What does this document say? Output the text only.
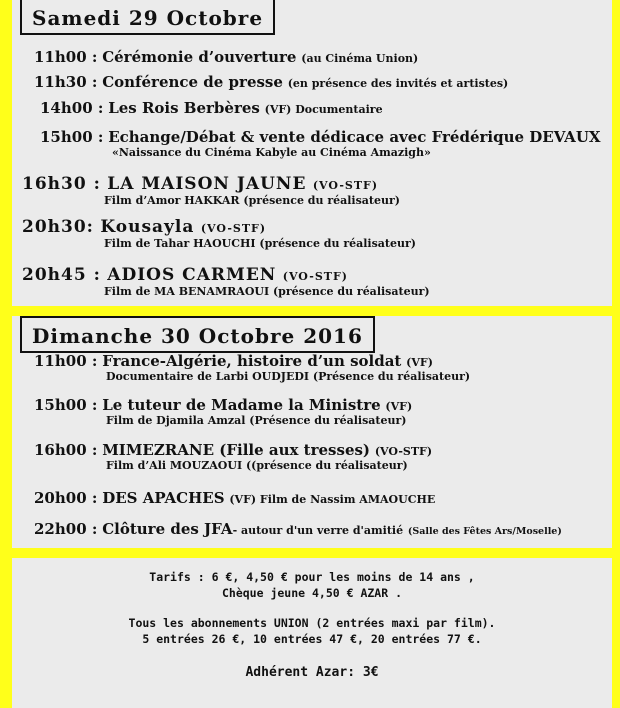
Samedi 29 Octobre
11h00 : Cérémonie d’ouverture (au Cinéma Union)
11h30 : Conférence de presse (en présence des invités et artistes)
14h00 : Les Rois Berbères (VF) Documentaire
15h00 : Echange/Débat & vente dédicace avec Frédérique DEVAUX
«Naissance du Cinéma Kabyle au Cinéma Amazigh»
16h30 : LA MAISON JAUNE (VO-STF)
Film d’Amor HAKKAR (présence du réalisateur)
20h30: Kousayla (VO-STF)
Film de Tahar HAOUCHI (présence du réalisateur)
20h45 : ADIOS CARMEN (VO-STF)
Film de MA BENAMRAOUI (présence du réalisateur)
Dimanche 30 Octobre 2016
11h00 : France-Algérie, histoire d’un soldat (VF)
Documentaire de Larbi OUDJEDI (Présence du réalisateur)
15h00 : Le tuteur de Madame la Ministre (VF)
Film de Djamila Amzal (Présence du réalisateur)
16h00 : MIMEZRANE (Fille aux tresses) (VO-STF)
Film d’Ali MOUZAOUI ((présence du réalisateur)
20h00 : DES APACHES (VF) Film de Nassim AMAOUCHE
22h00 : Clôture des JFA- autour d'un verre d'amitié (Salle des Fêtes Ars/Moselle)
Tarifs : 6 €, 4,50 € pour les moins de 14 ans ,
Chèque jeune 4,50 € AZAR .
Tous les abonnements UNION (2 entrées maxi par film).
5 entrées 26 €, 10 entrées 47 €, 20 entrées 77 €.
Adhérent Azar: 3€
